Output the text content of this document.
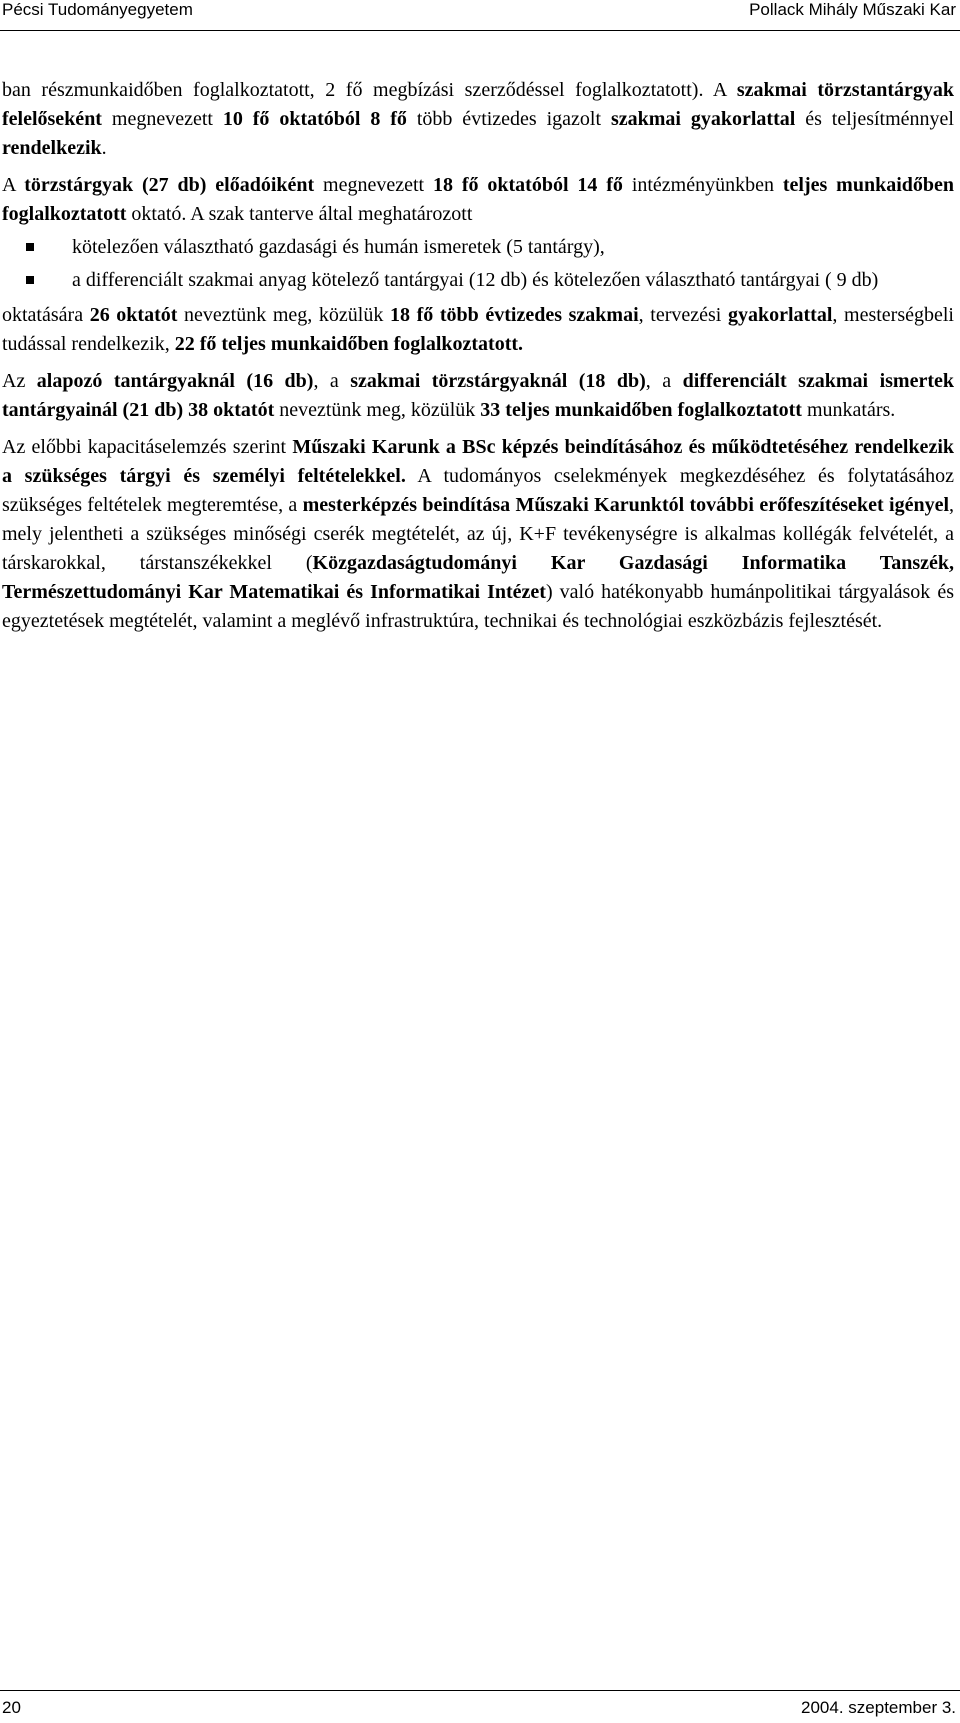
Pécsi Tudományegyetem	Pollack Mihály Műszaki Kar

ban részmunkaidőben foglalkoztatott, 2 fő megbízási szerződéssel foglalkoztatott). A szakmai törzstantárgyak felelőseként megnevezett 10 fő oktatóból 8 fő több évtizedes igazolt szakmai gyakorlattal és teljesítménnyel rendelkezik.

A törzstárgyak (27 db) előadóiként megnevezett 18 fő oktatóból 14 fő intézményünkben teljes munkaidőben foglalkoztatott oktató. A szak tanterve által meghatározott

kötelezően választható gazdasági és humán ismeretek (5 tantárgy),
a differenciált szakmai anyag kötelező tantárgyai (12 db) és kötelezően választható tantárgyai ( 9 db)

oktatására 26 oktatót neveztünk meg, közülük 18 fő több évtizedes szakmai, tervezési gyakorlattal, mesterségbeli tudással rendelkezik, 22 fő teljes munkaidőben foglalkoztatott.

Az alapozó tantárgyaknál (16 db), a szakmai törzstárgyaknál (18 db), a differenciált szakmai ismertek tantárgyainál (21 db) 38 oktatót neveztünk meg, közülük 33 teljes munkaidőben foglalkoztatott munkatárs.

Az előbbi kapacitáselemzés szerint Műszaki Karunk a BSc képzés beindításához és működtetéséhez rendelkezik a szükséges tárgyi és személyi feltételekkel. A tudományos cselekmények megkezdéséhez és folytatásához szükséges feltételek megteremtése, a mesterképzés beindítása Műszaki Karunktól további erőfeszítéseket igényel, mely jelentheti a szükséges minőségi cserék megtételét, az új, K+F tevékenységre is alkalmas kollégák felvételét, a társkarokkal, társtanszékekkel (Közgazdaságtudományi Kar Gazdasági Informatika Tanszék, Természettudományi Kar Matematikai és Informatikai Intézet) való hatékonyabb humánpolitikai tárgyalások és egyeztetések megtételét, valamint a meglévő infrastruktúra, technikai és technológiai eszközbázis fejlesztését.

20	2004. szeptember 3.
